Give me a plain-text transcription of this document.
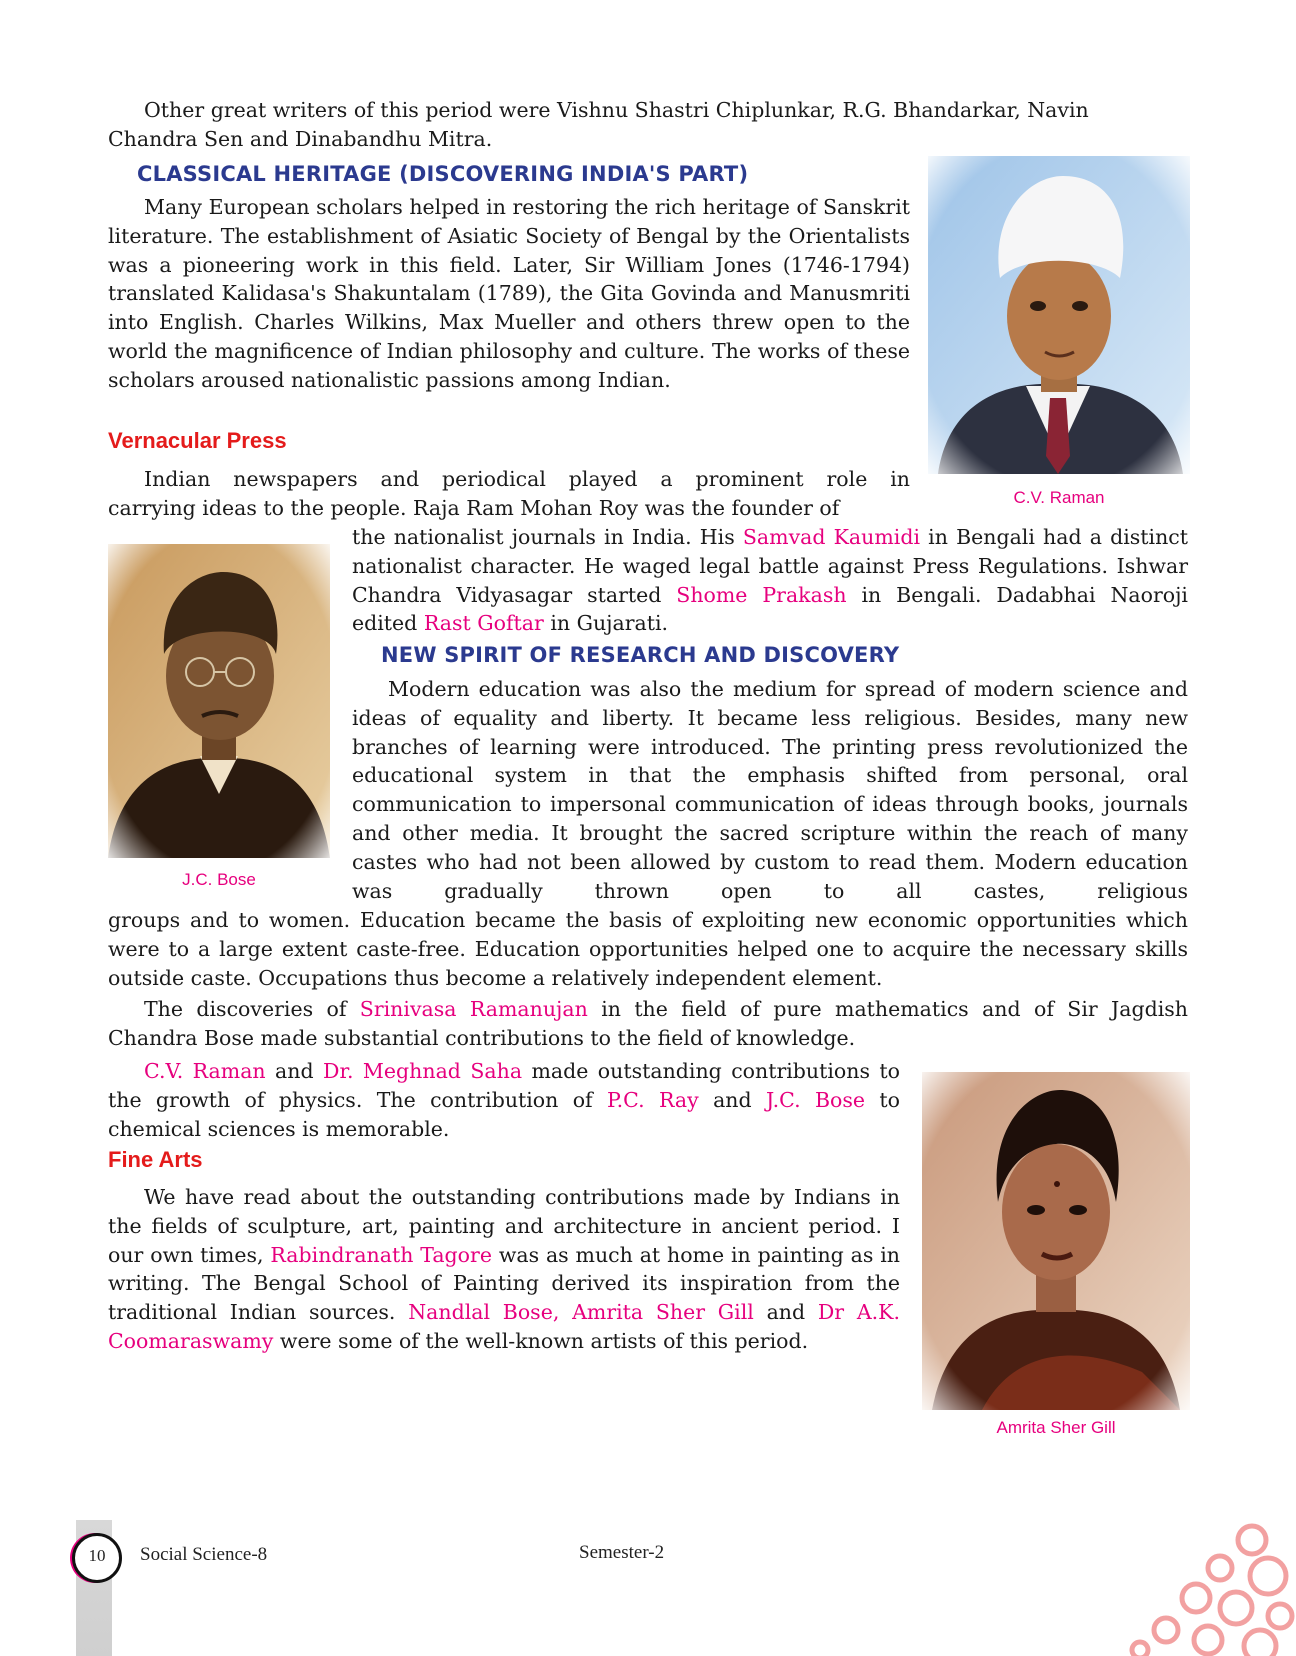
Other great writers of this period were Vishnu Shastri Chiplunkar, R.G. Bhandarkar, Navin
Chandra Sen and Dinabandhu Mitra.

CLASSICAL HERITAGE (DISCOVERING INDIA'S PART)

Many European scholars helped in restoring the rich heritage of Sanskrit literature. The establishment of Asiatic Society of Bengal by the Orientalists was a pioneering work in this field. Later, Sir William Jones (1746-1794) translated Kalidasa's Shakuntalam (1789), the Gita Govinda and Manusmriti into English. Charles Wilkins, Max Mueller and others threw open to the world the magnificence of Indian philosophy and culture. The works of these scholars aroused nationalistic passions among Indian.

C.V. Raman

Vernacular Press

Indian newspapers and periodical played a prominent role in

carrying ideas to the people. Raja Ram Mohan Roy was the founder of

the nationalist journals in India. His Samvad Kaumidi in Bengali had a distinct nationalist character. He waged legal battle against Press Regulations. Ishwar Chandra Vidyasagar started Shome Prakash in Bengali. Dadabhai Naoroji edited Rast Goftar in Gujarati.

J.C. Bose

NEW SPIRIT OF RESEARCH AND DISCOVERY

Modern education was also the medium for spread of modern science and ideas of equality and liberty. It became less religious. Besides, many new branches of learning were introduced. The printing press revolutionized the educational system in that the emphasis shifted from personal, oral communication to impersonal communication of ideas through books, journals and other media. It brought the sacred scripture within the reach of many castes who had not been allowed by custom to read them. Modern education was gradually thrown open to all castes, religious

groups and to women. Education became the basis of exploiting new economic opportunities which were to a large extent caste-free. Education opportunities helped one to acquire the necessary skills outside caste. Occupations thus become a relatively independent element.

The discoveries of Srinivasa Ramanujan in the field of pure mathematics and of Sir Jagdish Chandra Bose made substantial contributions to the field of knowledge.

C.V. Raman and Dr. Meghnad Saha made outstanding contributions to the growth of physics. The contribution of P.C. Ray and J.C. Bose to chemical sciences is memorable.

Fine Arts

We have read about the outstanding contributions made by Indians in the fields of sculpture, art, painting and architecture in ancient period. I our own times, Rabindranath Tagore was as much at home in painting as in writing. The Bengal School of Painting derived its inspiration from the traditional Indian sources. Nandlal Bose, Amrita Sher Gill and Dr A.K. Coomaraswamy were some of the well-known artists of this period.

Amrita Sher Gill

10	Social Science-8	Semester-2
